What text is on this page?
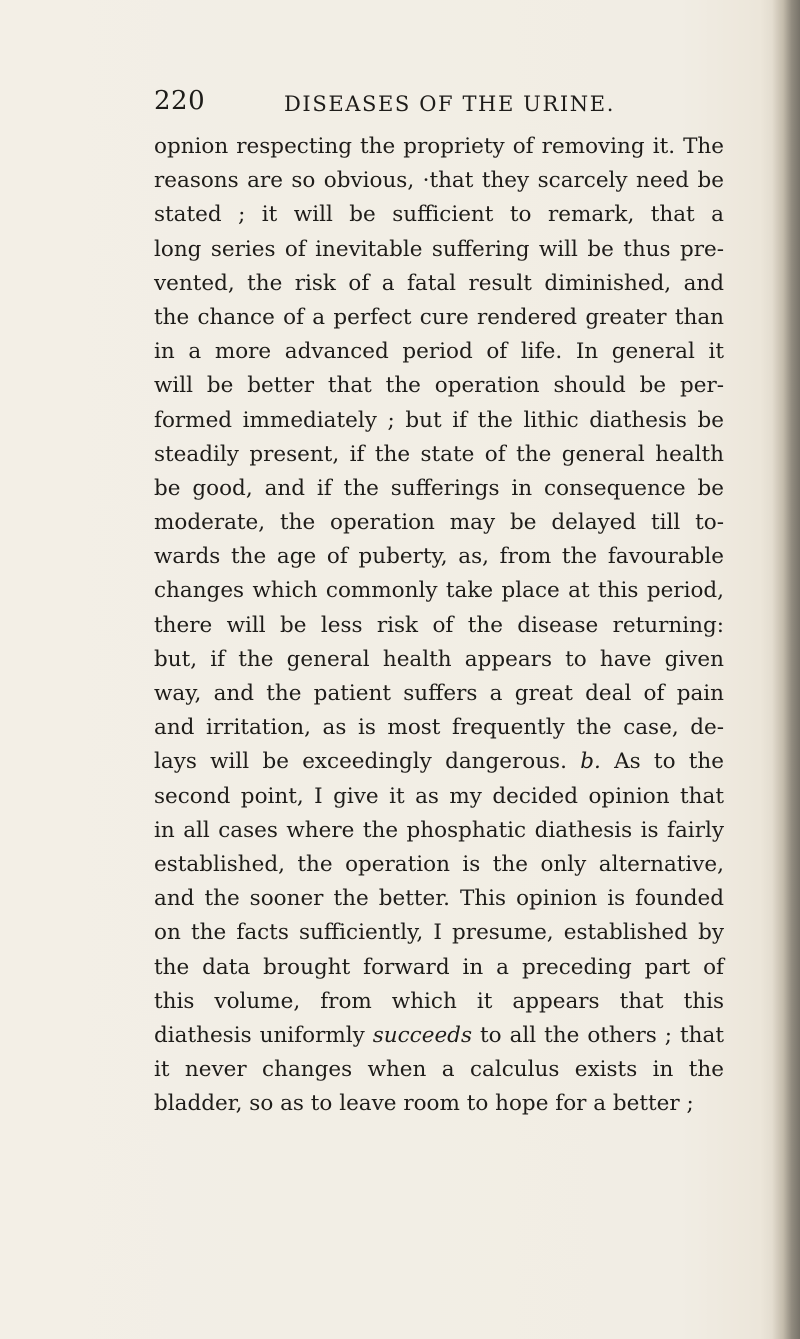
220	DISEASES OF THE URINE.
opnion respecting the propriety of removing it. The
reasons are so obvious, ·that they scarcely need be
stated ; it will be sufficient to remark, that a
long series of inevitable suffering will be thus pre-
vented, the risk of a fatal result diminished, and
the chance of a perfect cure rendered greater than
in a more advanced period of life. In general it
will be better that the operation should be per-
formed immediately ; but if the lithic diathesis be
steadily present, if the state of the general health
be good, and if the sufferings in consequence be
moderate, the operation may be delayed till to-
wards the age of puberty, as, from the favourable
changes which commonly take place at this period,
there will be less risk of the disease returning:
but, if the general health appears to have given
way, and the patient suffers a great deal of pain
and irritation, as is most frequently the case, de-
lays will be exceedingly dangerous. b. As to the
second point, I give it as my decided opinion that
in all cases where the phosphatic diathesis is fairly
established, the operation is the only alternative,
and the sooner the better. This opinion is founded
on the facts sufficiently, I presume, established by
the data brought forward in a preceding part of
this volume, from which it appears that this
diathesis uniformly succeeds to all the others ; that
it never changes when a calculus exists in the
bladder, so as to leave room to hope for a better ;
